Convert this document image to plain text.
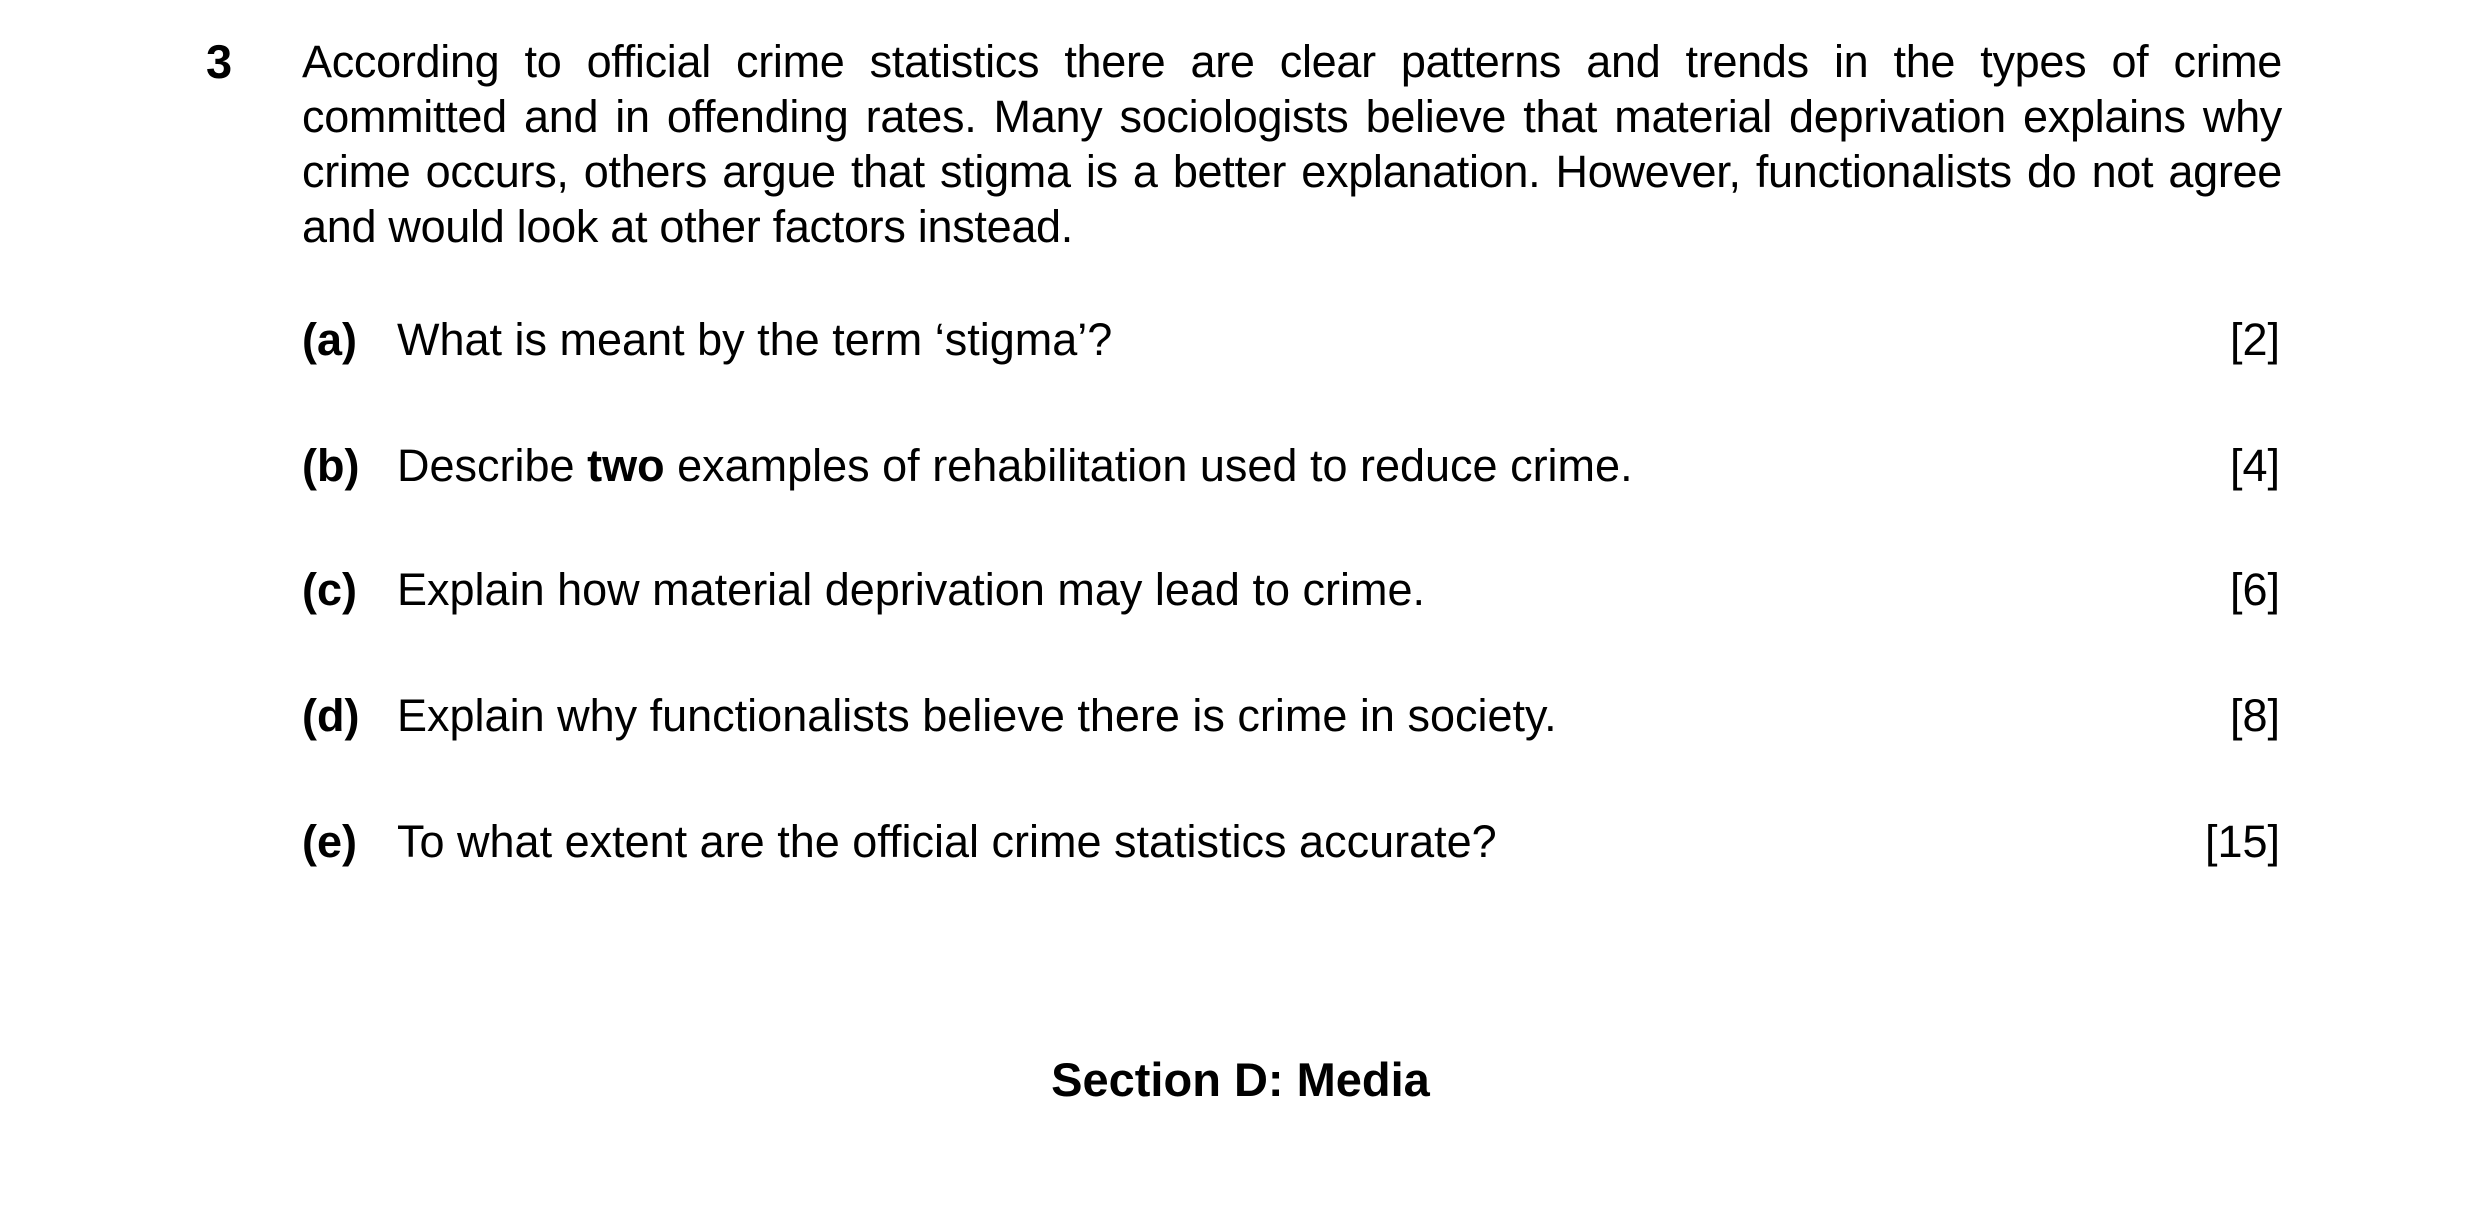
3 According to official crime statistics there are clear patterns and trends in the types of crime committed and in offending rates. Many sociologists believe that material deprivation explains why crime occurs, others argue that stigma is a better explanation. However, functionalists do not agree and would look at other factors instead.
(a) What is meant by the term ‘stigma’?	[2]
(b) Describe two examples of rehabilitation used to reduce crime.	[4]
(c) Explain how material deprivation may lead to crime.	[6]
(d) Explain why functionalists believe there is crime in society.	[8]
(e) To what extent are the official crime statistics accurate?	[15]
Section D: Media
